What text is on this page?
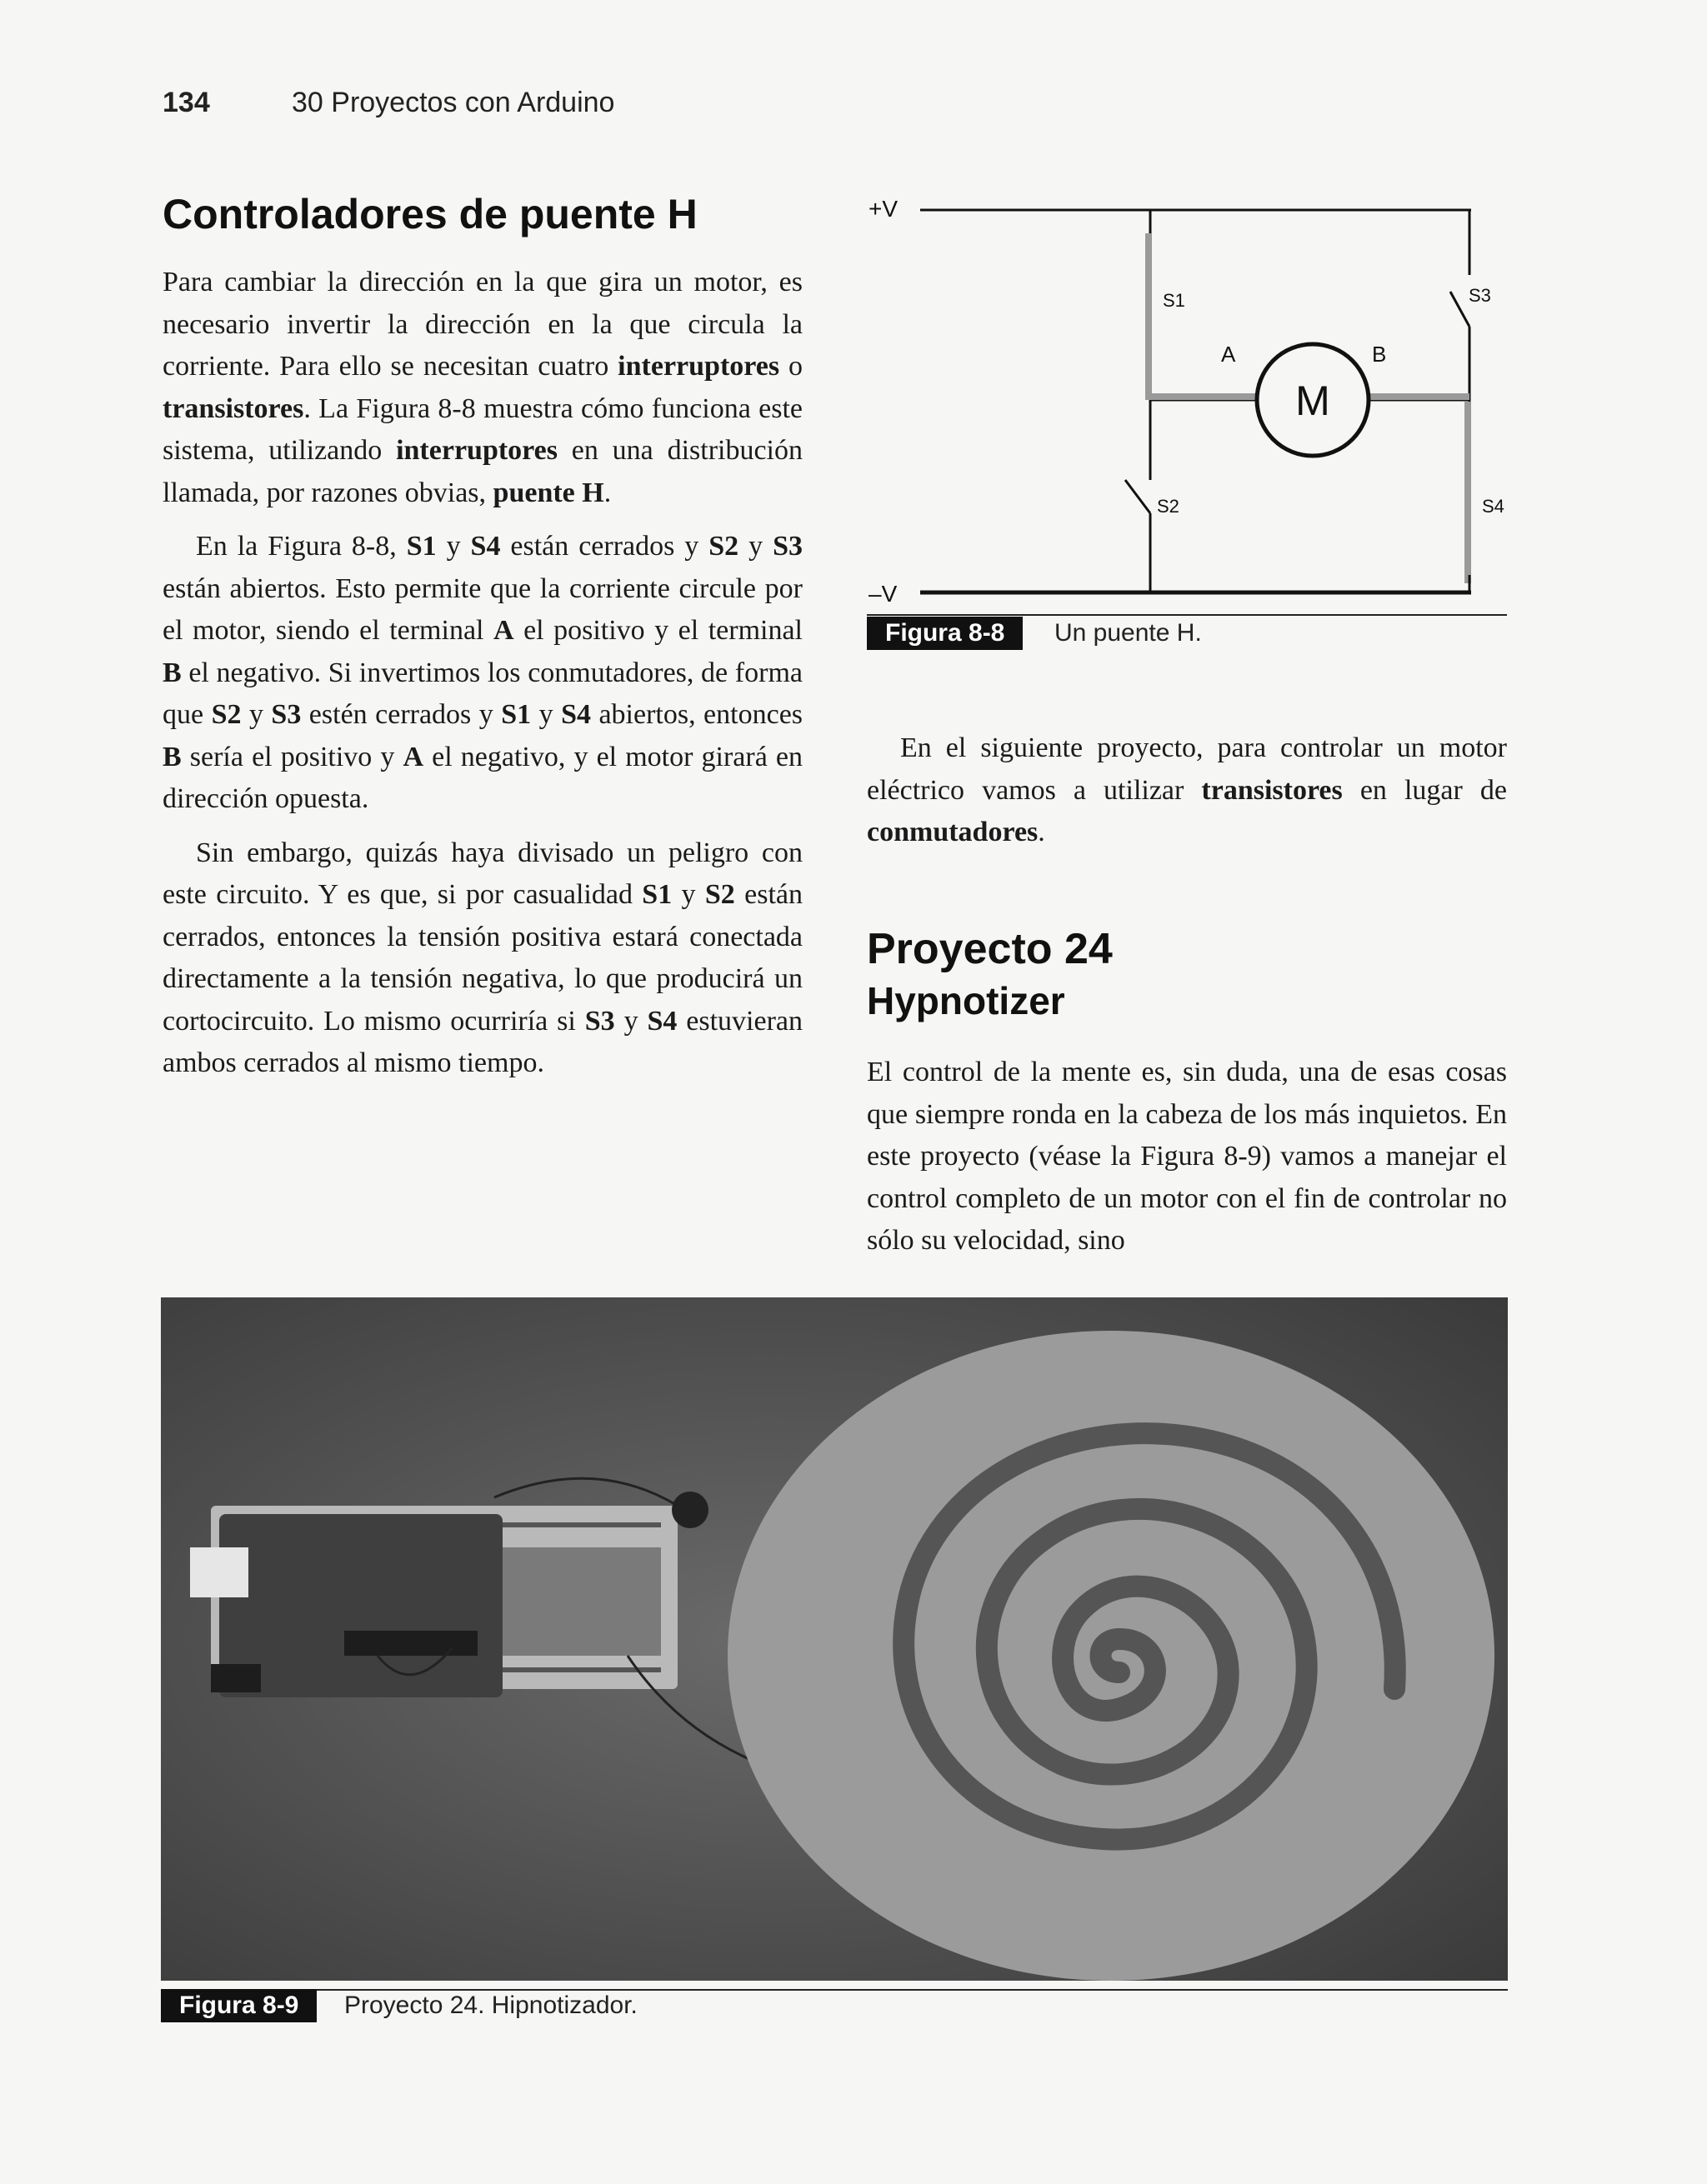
134	30 Proyectos con Arduino
Controladores de puente H

Para cambiar la dirección en la que gira un motor, es necesario invertir la dirección en la que circula la corriente. Para ello se necesitan cuatro interruptores o transistores. La Figura 8-8 muestra cómo funciona este sistema, utilizando interruptores en una distribución llamada, por razones obvias, puente H.

En la Figura 8-8, S1 y S4 están cerrados y S2 y S3 están abiertos. Esto permite que la corriente circule por el motor, siendo el terminal A el positivo y el terminal B el negativo. Si invertimos los conmutadores, de forma que S2 y S3 estén cerrados y S1 y S4 abiertos, entonces B sería el positivo y A el negativo, y el motor girará en dirección opuesta.

Sin embargo, quizás haya divisado un peligro con este circuito. Y es que, si por casualidad S1 y S2 están cerrados, entonces la tensión positiva estará conectada directamente a la tensión negativa, lo que producirá un cortocircuito. Lo mismo ocurriría si S3 y S4 estuvieran ambos cerrados al mismo tiempo.

+V
S1	S3
A	B
M
S2	S4
–V
Figura 8-8	Un puente H.

En el siguiente proyecto, para controlar un motor eléctrico vamos a utilizar transistores en lugar de conmutadores.

Proyecto 24
Hypnotizer

El control de la mente es, sin duda, una de esas cosas que siempre ronda en la cabeza de los más inquietos. En este proyecto (véase la Figura 8-9) vamos a manejar el control completo de un motor con el fin de controlar no sólo su velocidad, sino

Figura 8-9	Proyecto 24. Hipnotizador.
